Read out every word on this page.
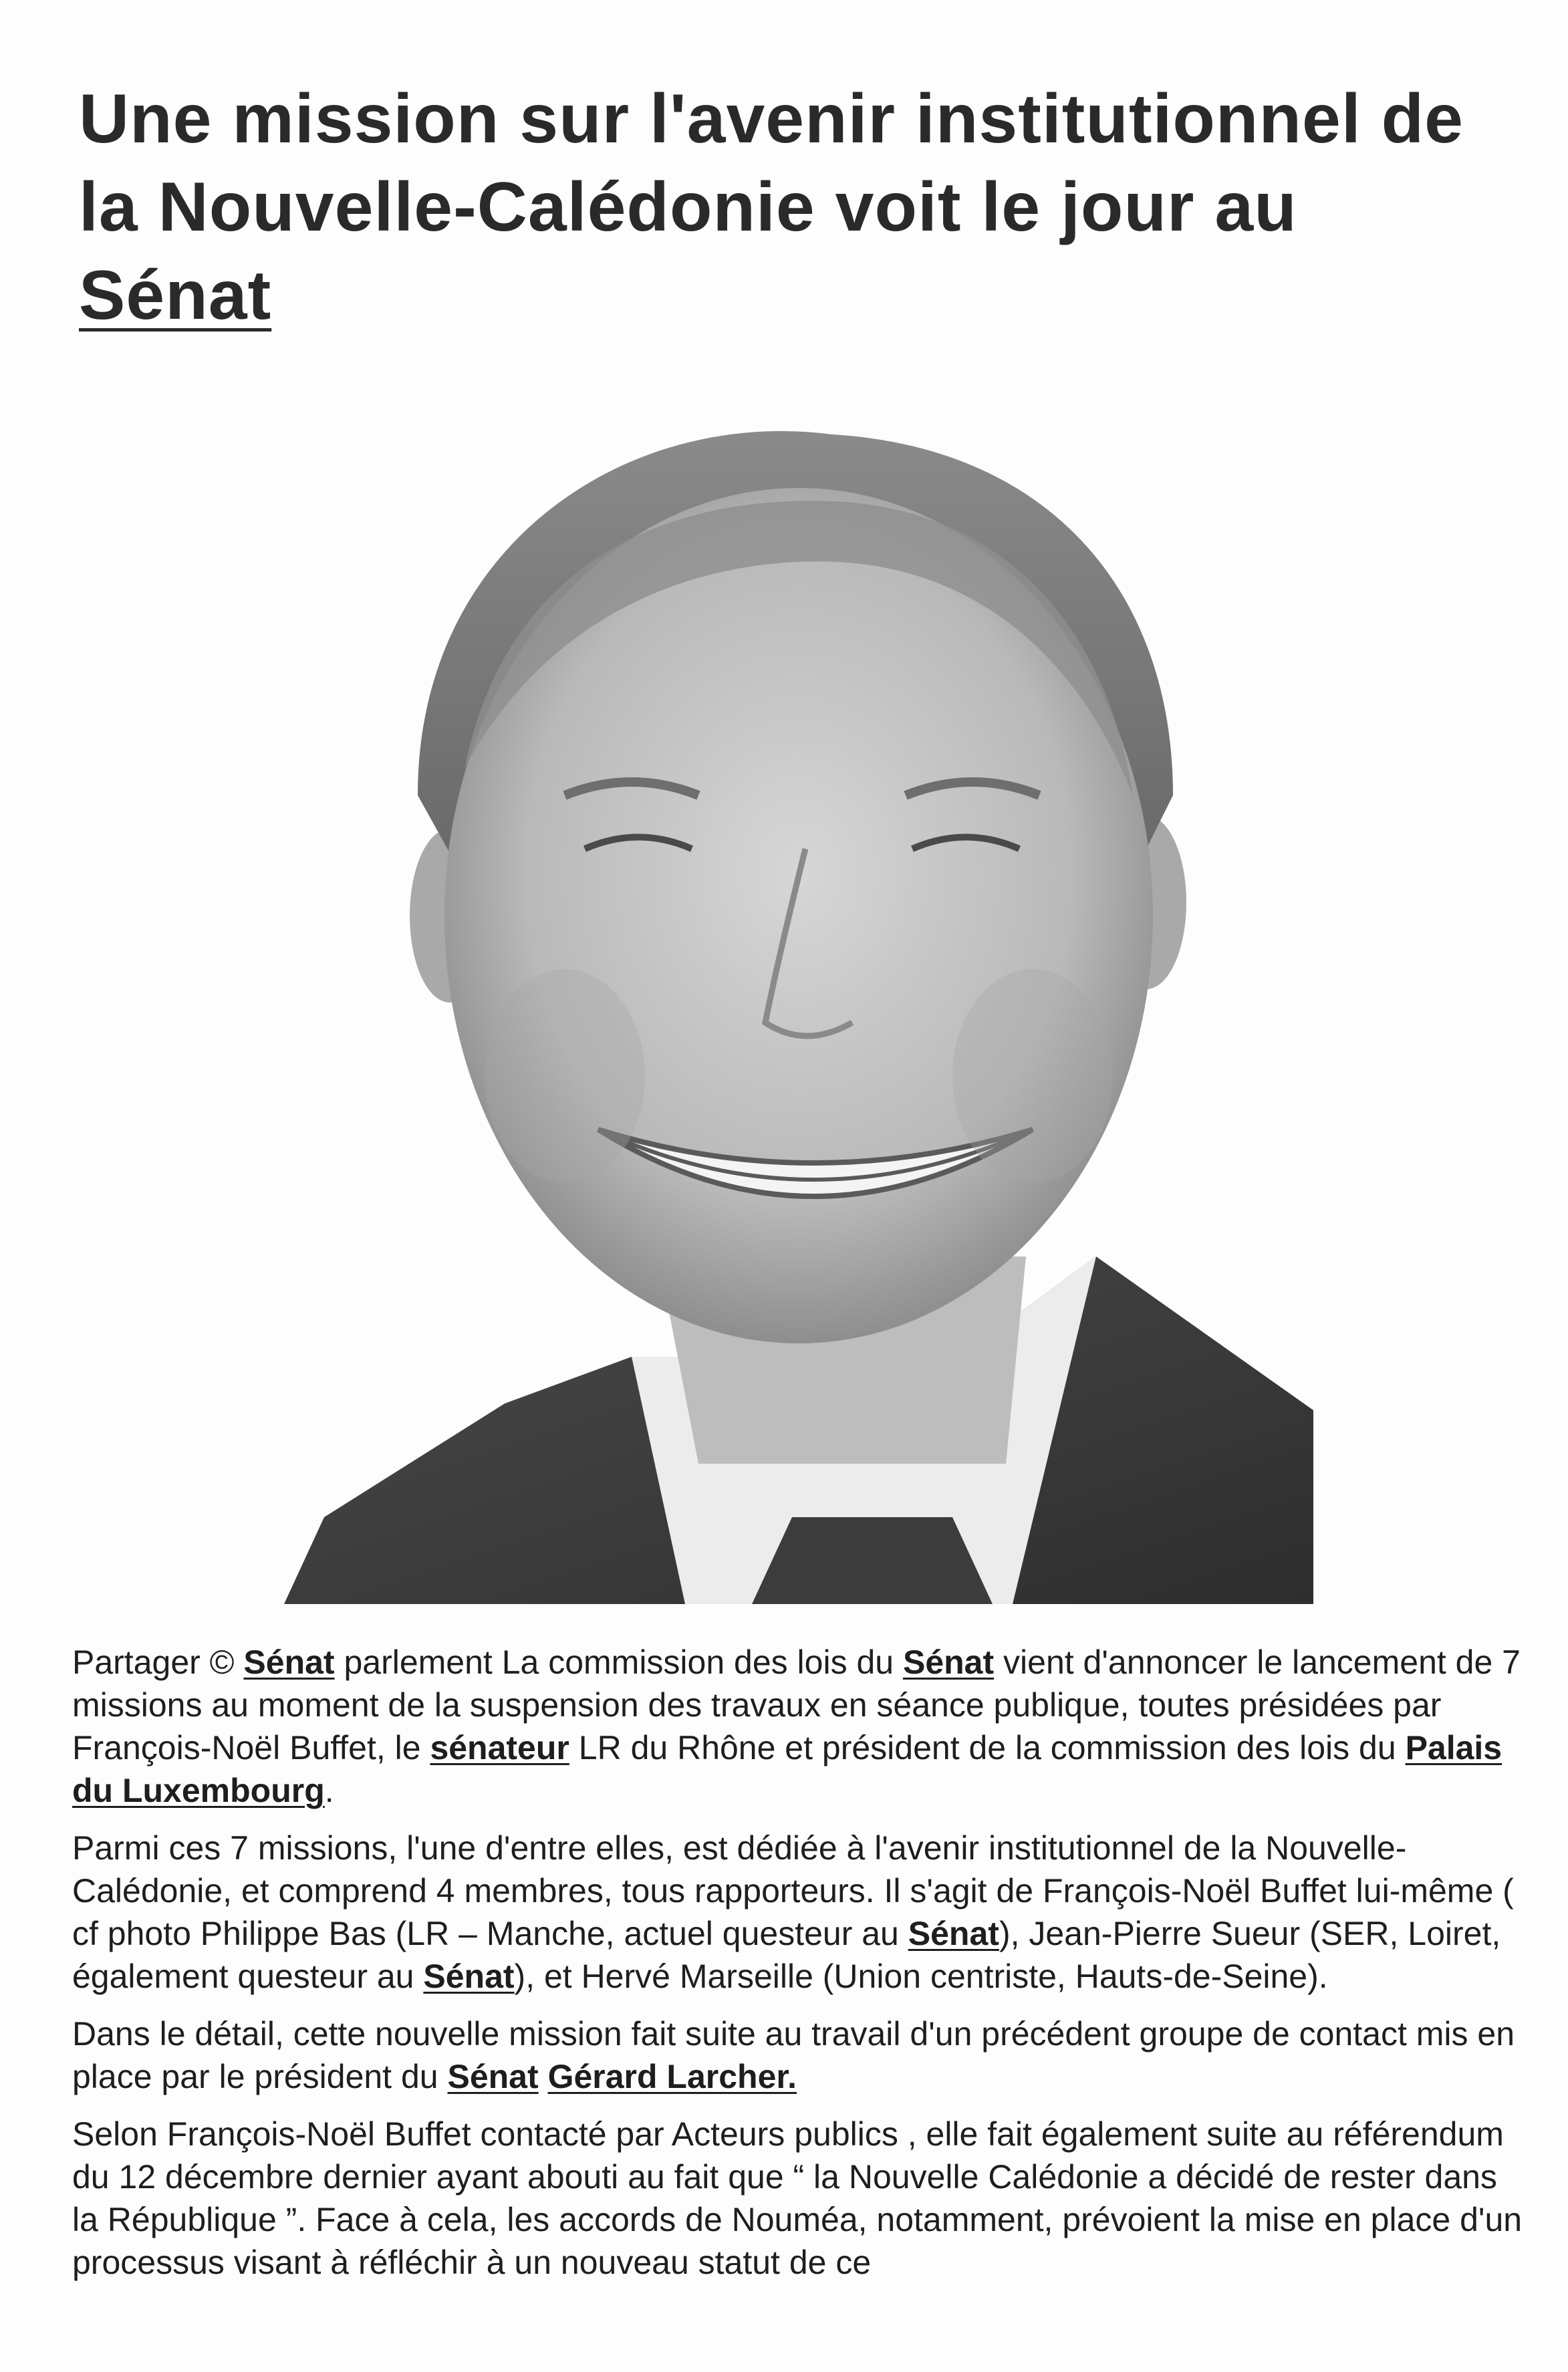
Une mission sur l'avenir institutionnel de
la Nouvelle-Calédonie voit le jour au
Sénat

Partager © Sénat parlement La commission des lois du Sénat vient d'annoncer le lancement de 7 missions au moment de la suspension des travaux en séance publique, toutes présidées par François-Noël Buffet, le sénateur LR du Rhône et président de la commission des lois du Palais du Luxembourg.

Parmi ces 7 missions, l'une d'entre elles, est dédiée à l'avenir institutionnel de la Nouvelle-Calédonie, et comprend 4 membres, tous rapporteurs. Il s'agit de François-Noël Buffet lui-même ( cf photo Philippe Bas (LR – Manche, actuel questeur au Sénat), Jean-Pierre Sueur (SER, Loiret, également questeur au Sénat), et Hervé Marseille (Union centriste, Hauts-de-Seine).

Dans le détail, cette nouvelle mission fait suite au travail d'un précédent groupe de contact mis en place par le président du Sénat Gérard Larcher.

Selon François-Noël Buffet contacté par Acteurs publics , elle fait également suite au référendum du 12 décembre dernier ayant abouti au fait que “ la Nouvelle Calédonie a décidé de rester dans la République ”. Face à cela, les accords de Nouméa, notamment, prévoient la mise en place d'un processus visant à réfléchir à un nouveau statut de ce
